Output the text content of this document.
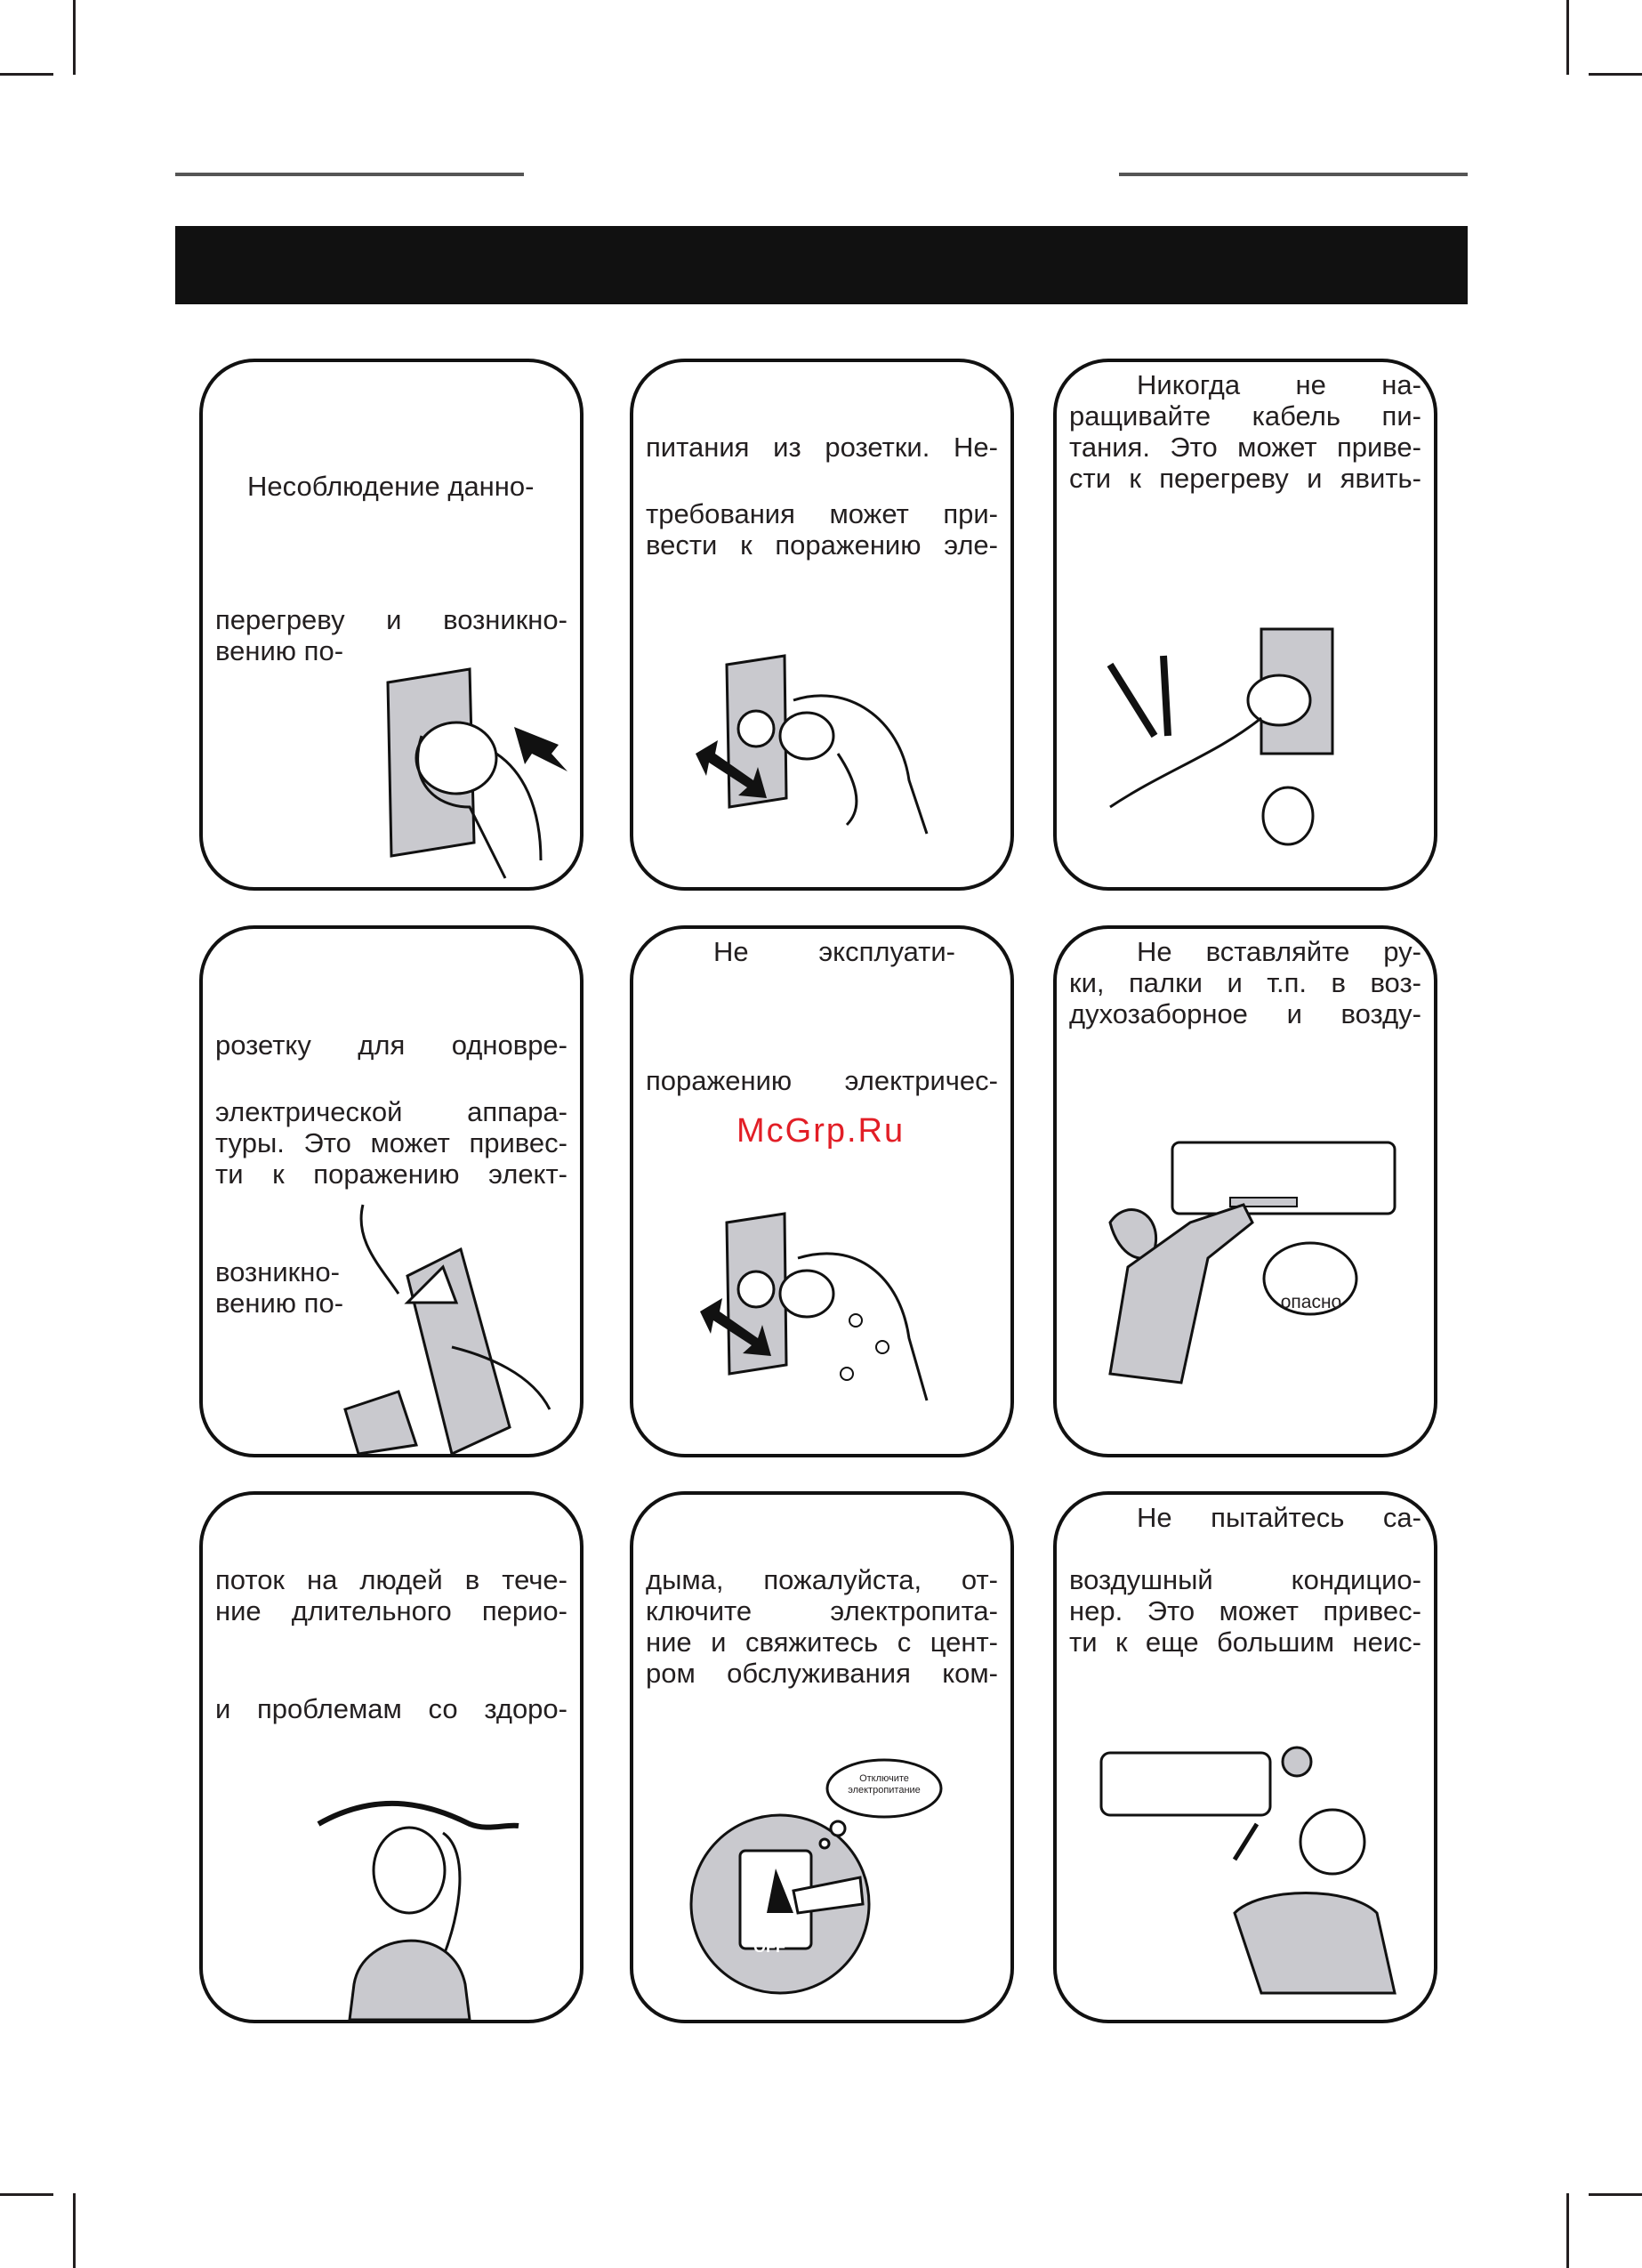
Несоблюдение данно-
перегреву и возникно-
вению по-
питания из розетки. Не-
требования может при-
вести к поражению эле-
Никогда не на-
ращивайте кабель пи-
тания. Это может приве-
сти к перегреву и явить-
розетку для одновре-
электрической аппара-
туры. Это может привес-
ти к поражению элект-
возникно-
вению по-
Не эксплуати-
поражению электричес-
Не вставляйте ру-
ки, палки и т.п. в воз-
духозаборное и возду-
опасно
поток на людей в тече-
ние длительного перио-
и проблемам со здоро-
дыма, пожалуйста, от-
ключите электропита-
ние и свяжитесь с цент-
ром обслуживания ком-
OFF
Отключите электропитание
Не пытайтесь са-
воздушный кондицио-
нер. Это может привес-
ти к еще большим неис-
McGrp.Ru
